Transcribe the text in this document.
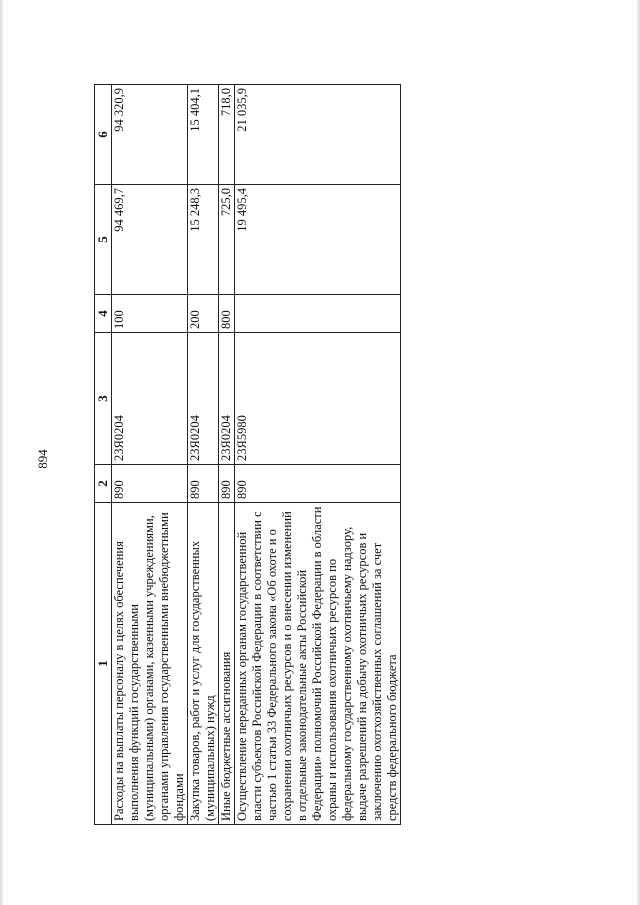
894
1	2	3	4	5	6
Расходы на выплаты персоналу в целях обеспечения выполнения функций государственными (муниципальными) органами, казенными учреждениями, органами управления государственными внебюджетными фондами	890	23Я0204	100	94 469,7	94 320,9
Закупка товаров, работ и услуг для государственных (муниципальных) нужд	890	23Я0204	200	15 248,3	15 404,1
Иные бюджетные ассигнования	890	23Я0204	800	725,0	718,0
Осуществление переданных органам государственной власти субъектов Российской Федерации в соответствии с частью 1 статьи 33 Федерального закона «Об охоте и о сохранении охотничьих ресурсов и о внесении изменений в отдельные законодательные акты Российской Федерации» полномочий Российской Федерации в области охраны и использования охотничьих ресурсов по федеральному государственному охотничьему надзору, выдаче разрешений на добычу охотничьих ресурсов и заключению охотхозяйственных соглашений за счет средств федерального бюджета	890	23Я5980		19 495,4	21 035,9
